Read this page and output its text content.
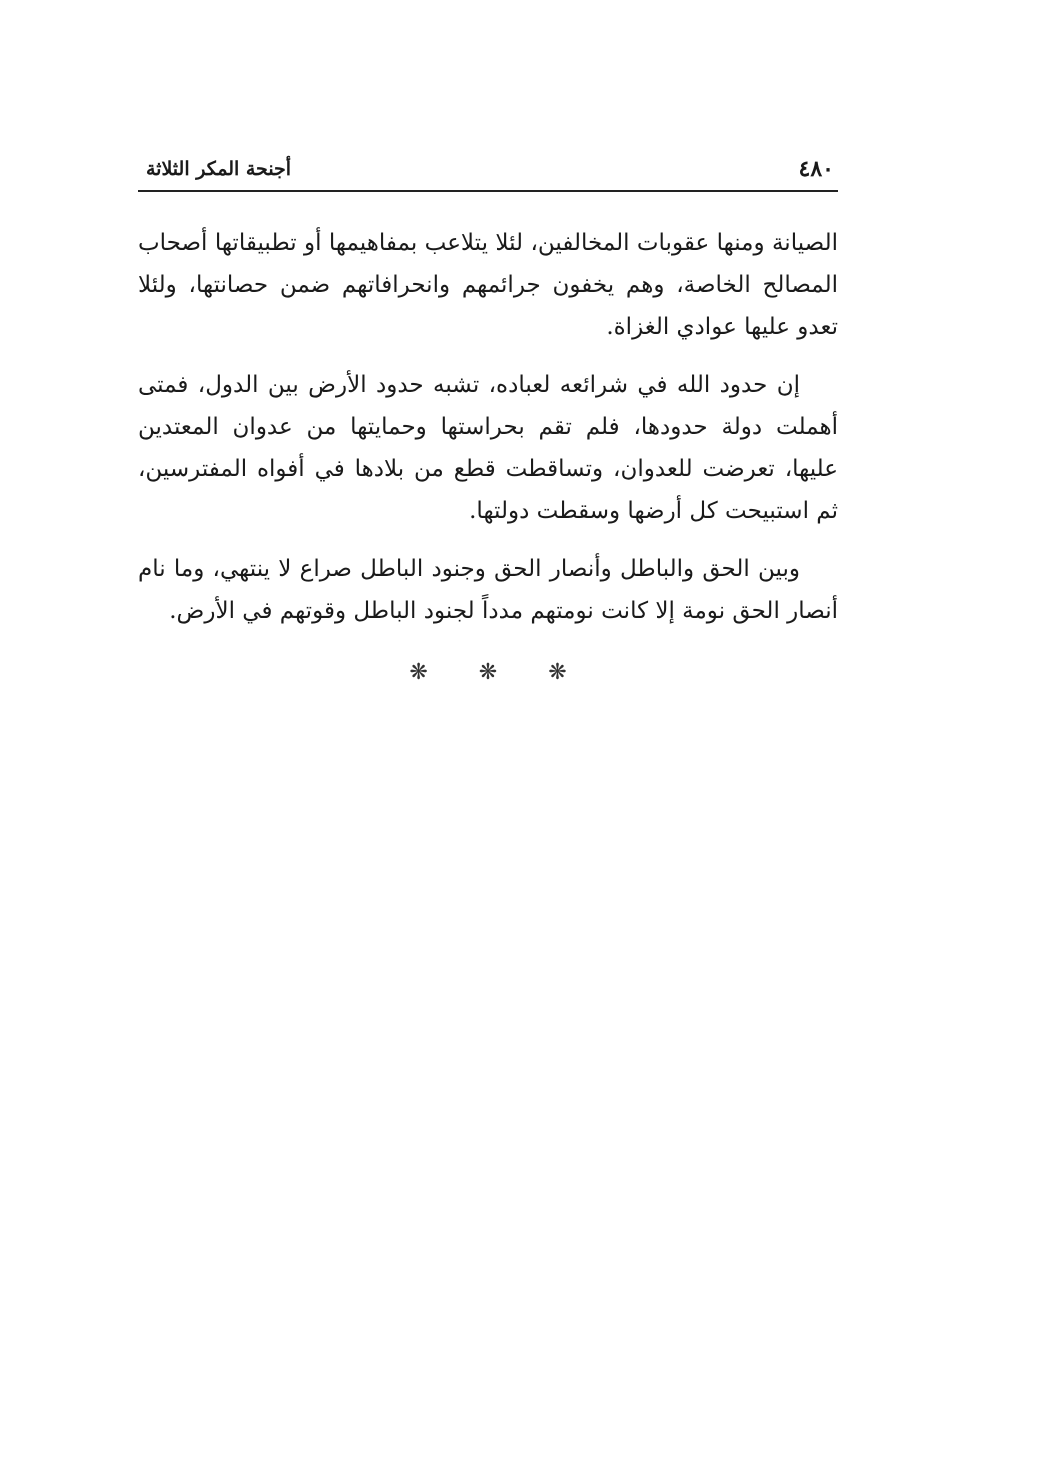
أجنحة المكر الثلاثة	٤٨٠

الصيانة ومنها عقوبات المخالفين، لئلا يتلاعب بمفاهيمها أو تطبيقاتها أصحاب المصالح الخاصة، وهم يخفون جرائمهم وانحرافاتهم ضمن حصانتها، ولئلا تعدو عليها عوادي الغزاة.

إن حدود الله في شرائعه لعباده، تشبه حدود الأرض بين الدول، فمتى أهملت دولة حدودها، فلم تقم بحراستها وحمايتها من عدوان المعتدين عليها، تعرضت للعدوان، وتساقطت قطع من بلادها في أفواه المفترسين، ثم استبيحت كل أرضها وسقطت دولتها.

وبين الحق والباطل وأنصار الحق وجنود الباطل صراع لا ينتهي، وما نام أنصار الحق نومة إلا كانت نومتهم مدداً لجنود الباطل وقوتهم في الأرض.

❋ ❋ ❋
